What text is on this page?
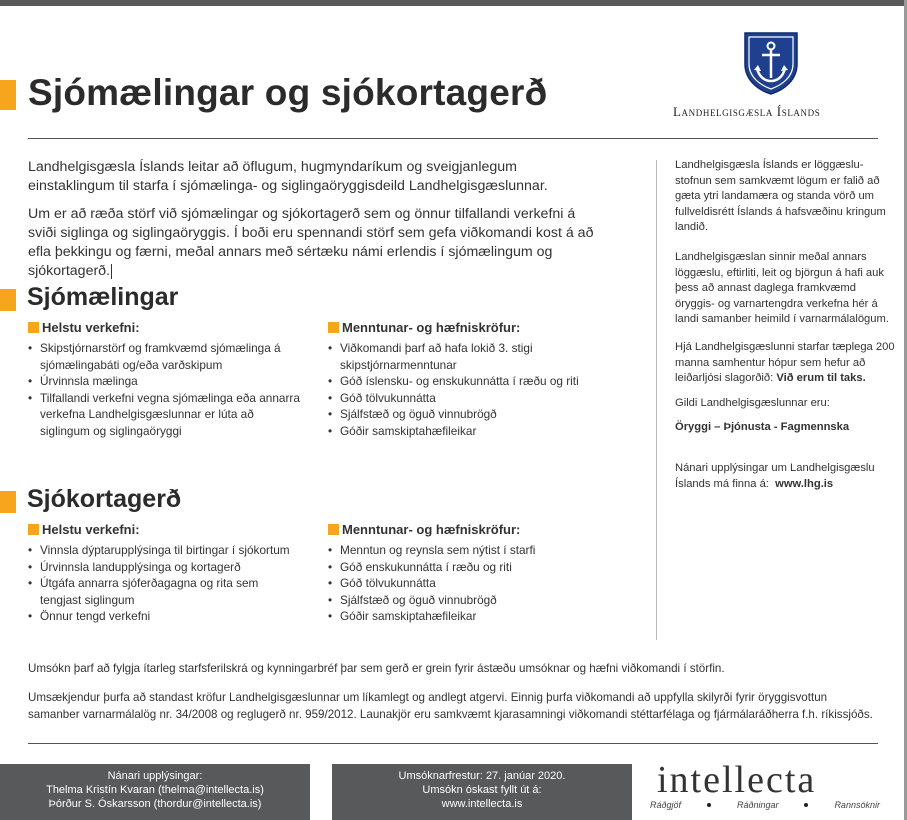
Sjómælingar og sjókortagerð	Landhelgisgæsla Íslands

Landhelgisgæsla Íslands leitar að öflugum, hugmyndaríkum og sveigjanlegum einstaklingum til starfa í sjómælinga- og siglingaöryggisdeild Landhelgisgæslunnar.

Um er að ræða störf við sjómælingar og sjókortagerð sem og önnur tilfallandi verkefni á sviði siglinga og siglingaöryggis. Í boði eru spennandi störf sem gefa viðkomandi kost á að efla þekkingu og færni, meðal annars með sértæku námi erlendis í sjómælingum og sjókortagerð.

Sjómælingar
Helstu verkefni:
• Skipstjórnarstörf og framkvæmd sjómælinga á sjómælingabáti og/eða varðskipum
• Úrvinnsla mælinga
• Tilfallandi verkefni vegna sjómælinga eða annarra verkefna Landhelgisgæslunnar er lúta að siglingum og siglingaöryggi
Menntunar- og hæfniskröfur:
• Viðkomandi þarf að hafa lokið 3. stigi skipstjórnarmenntunar
• Góð íslensku- og enskukunnátta í ræðu og riti
• Góð tölvukunnátta
• Sjálfstæð og öguð vinnubrögð
• Góðir samskiptahæfileikar
Sjókortagerð
Helstu verkefni:
• Vinnsla dýptarupplýsinga til birtingar í sjókortum
• Úrvinnsla landupplýsinga og kortagerð
• Útgáfa annarra sjóferðagagna og rita sem tengjast siglingum
• Önnur tengd verkefni
Menntunar- og hæfniskröfur:
• Menntun og reynsla sem nýtist í starfi
• Góð enskukunnátta í ræðu og riti
• Góð tölvukunnátta
• Sjálfstæð og öguð vinnubrögð
• Góðir samskiptahæfileikar

Landhelgisgæsla Íslands er löggæslu-stofnun sem samkvæmt lögum er falið að gæta ytri landamæra og standa vörð um fullveldisrétt Íslands á hafsvæðinu kringum landið.

Landhelgisgæslan sinnir meðal annars löggæslu, eftirliti, leit og björgun á hafi auk þess að annast daglega framkvæmd öryggis- og varnartengdra verkefna hér á landi samanber heimild í varnarmálalögum.

Hjá Landhelgisgæslunni starfar tæplega 200 manna samhentur hópur sem hefur að leiðarljósi slagorðið: Við erum til taks.

Gildi Landhelgisgæslunnar eru:

Öryggi – Þjónusta - Fagmennska

Nánari upplýsingar um Landhelgisgæslu Íslands má finna á: www.lhg.is

Umsókn þarf að fylgja ítarleg starfsferilskrá og kynningarbréf þar sem gerð er grein fyrir ástæðu umsóknar og hæfni viðkomandi í störfin.

Umsækjendur þurfa að standast kröfur Landhelgisgæslunnar um líkamlegt og andlegt atgervi. Einnig þurfa viðkomandi að uppfylla skilyrði fyrir öryggisvottun samanber varnarmálalög nr. 34/2008 og reglugerð nr. 959/2012. Launakjör eru samkvæmt kjarasamningi viðkomandi stéttarfélaga og fjármálaráðherra f.h. ríkissjóðs.

Nánari upplýsingar:
Thelma Kristín Kvaran (thelma@intellecta.is)
Þórður S. Óskarsson (thordur@intellecta.is)
Umsóknarfrestur: 27. janúar 2020.
Umsókn óskast fyllt út á:
www.intellecta.is
intellecta
Ráðgjöf	Ráðningar	Rannsóknir
